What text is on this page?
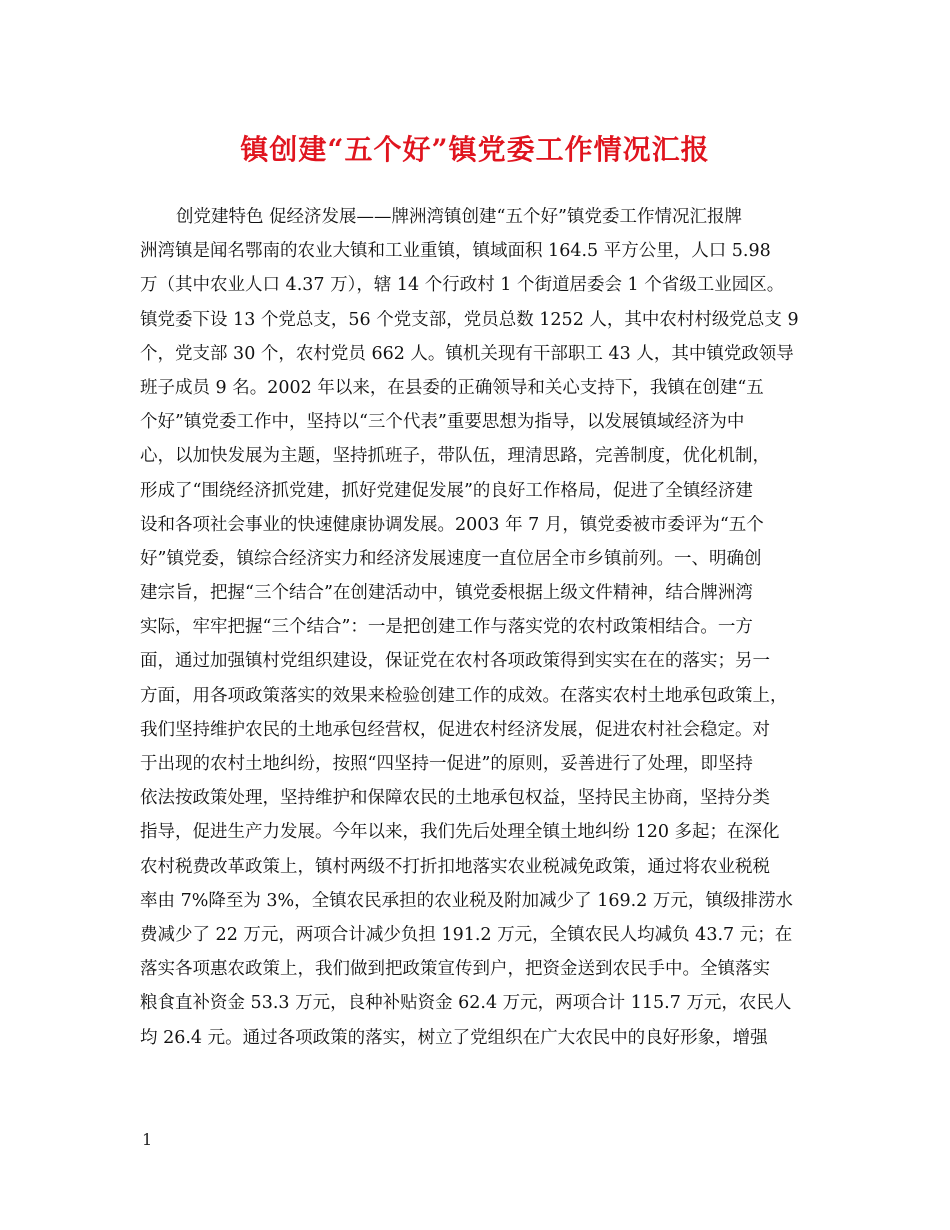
镇创建“五个好”镇党委工作情况汇报
创党建特色 促经济发展——牌洲湾镇创建“五个好”镇党委工作情况汇报牌
洲湾镇是闻名鄂南的农业大镇和工业重镇，镇域面积 164.5 平方公里，人口 5.98
万（其中农业人口 4.37 万），辖 14 个行政村 1 个街道居委会 1 个省级工业园区。
镇党委下设 13 个党总支，56 个党支部，党员总数 1252 人，其中农村村级党总支 9
个，党支部 30 个，农村党员 662 人。镇机关现有干部职工 43 人，其中镇党政领导
班子成员 9 名。2002 年以来，在县委的正确领导和关心支持下，我镇在创建“五
个好”镇党委工作中，坚持以“三个代表”重要思想为指导，以发展镇域经济为中
心，以加快发展为主题，坚持抓班子，带队伍，理清思路，完善制度，优化机制，
形成了“围绕经济抓党建，抓好党建促发展”的良好工作格局，促进了全镇经济建
设和各项社会事业的快速健康协调发展。2003 年 7 月，镇党委被市委评为“五个
好”镇党委，镇综合经济实力和经济发展速度一直位居全市乡镇前列。一、明确创
建宗旨，把握“三个结合”在创建活动中，镇党委根据上级文件精神，结合牌洲湾
实际，牢牢把握“三个结合”：一是把创建工作与落实党的农村政策相结合。一方
面，通过加强镇村党组织建设，保证党在农村各项政策得到实实在在的落实；另一
方面，用各项政策落实的效果来检验创建工作的成效。在落实农村土地承包政策上，
我们坚持维护农民的土地承包经营权，促进农村经济发展，促进农村社会稳定。对
于出现的农村土地纠纷，按照“四坚持一促进”的原则，妥善进行了处理，即坚持
依法按政策处理，坚持维护和保障农民的土地承包权益，坚持民主协商，坚持分类
指导，促进生产力发展。今年以来，我们先后处理全镇土地纠纷 120 多起；在深化
农村税费改革政策上，镇村两级不打折扣地落实农业税减免政策，通过将农业税税
率由 7%降至为 3%，全镇农民承担的农业税及附加减少了 169.2 万元，镇级排涝水
费减少了 22 万元，两项合计减少负担 191.2 万元，全镇农民人均减负 43.7 元；在
落实各项惠农政策上，我们做到把政策宣传到户，把资金送到农民手中。全镇落实
粮食直补资金 53.3 万元，良种补贴资金 62.4 万元，两项合计 115.7 万元，农民人
均 26.4 元。通过各项政策的落实，树立了党组织在广大农民中的良好形象，增强
1
